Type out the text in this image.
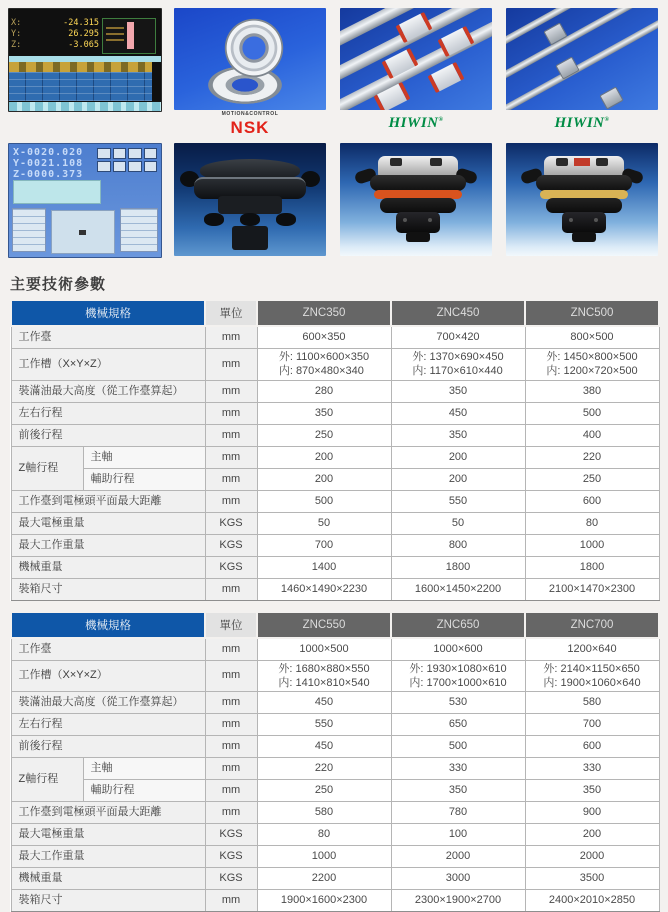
X:	-24.315
Y:	26.295
Z:	-3.065
MOTION&CONTROL
NSK	HIWIN®	HIWIN®
X-0020.020
Y-0021.108
Z-0000.373
主要技術參數
機械規格		單位	ZNC350	ZNC450	ZNC500
工作臺		mm	600×350	700×420	800×500
工作槽（X×Y×Z）		mm	外: 1100×600×350
内: 870×480×340	外: 1370×690×450
内: 1170×610×440	外: 1450×800×500
内: 1200×720×500
裝滿油最大高度（從工作臺算起）		mm	280	350	380
左右行程		mm	350	450	500
前後行程		mm	250	350	400
Z軸行程	主軸	mm	200	200	220
	輔助行程	mm	200	200	250
工作臺到電極頭平面最大距離		mm	500	550	600
最大電極重量		KGS	50	50	80
最大工作重量		KGS	700	800	1000
機械重量		KGS	1400	1800	1800
裝箱尺寸		mm	1460×1490×2230	1600×1450×2200	2100×1470×2300
機械規格		單位	ZNC550	ZNC650	ZNC700
工作臺		mm	1000×500	1000×600	1200×640
工作槽（X×Y×Z）		mm	外: 1680×880×550
内: 1410×810×540	外: 1930×1080×610
内: 1700×1000×610	外: 2140×1150×650
内: 1900×1060×640
裝滿油最大高度（從工作臺算起）		mm	450	530	580
左右行程		mm	550	650	700
前後行程		mm	450	500	600
Z軸行程	主軸	mm	220	330	330
	輔助行程	mm	250	350	350
工作臺到電極頭平面最大距離		mm	580	780	900
最大電極重量		KGS	80	100	200
最大工作重量		KGS	1000	2000	2000
機械重量		KGS	2200	3000	3500
裝箱尺寸		mm	1900×1600×2300	2300×1900×2700	2400×2010×2850
